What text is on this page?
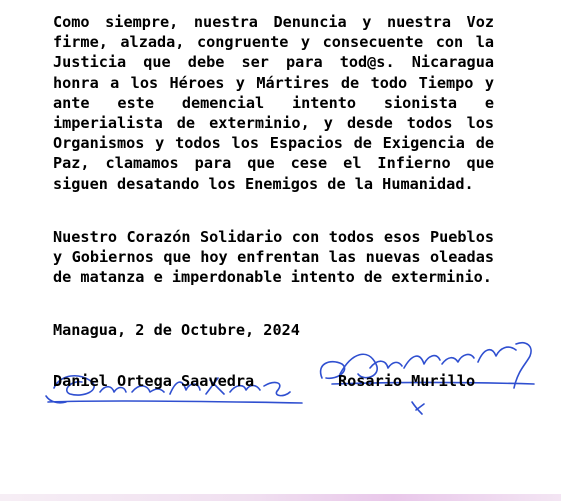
Como siempre, nuestra Denuncia y nuestra Voz firme, alzada, congruente y consecuente con la Justicia que debe ser para tod@s. Nicaragua honra a los Héroes y Mártires de todo Tiempo y ante este demencial intento sionista e imperialista de exterminio, y desde todos los Organismos y todos los Espacios de Exigencia de Paz, clamamos para que cese el Infierno que siguen desatando los Enemigos de la Humanidad.

Nuestro Corazón Solidario con todos esos Pueblos y Gobiernos que hoy enfrentan las nuevas oleadas de matanza e imperdonable intento de exterminio.

Managua, 2 de Octubre, 2024

Daniel Ortega Saavedra	Rosario Murillo
